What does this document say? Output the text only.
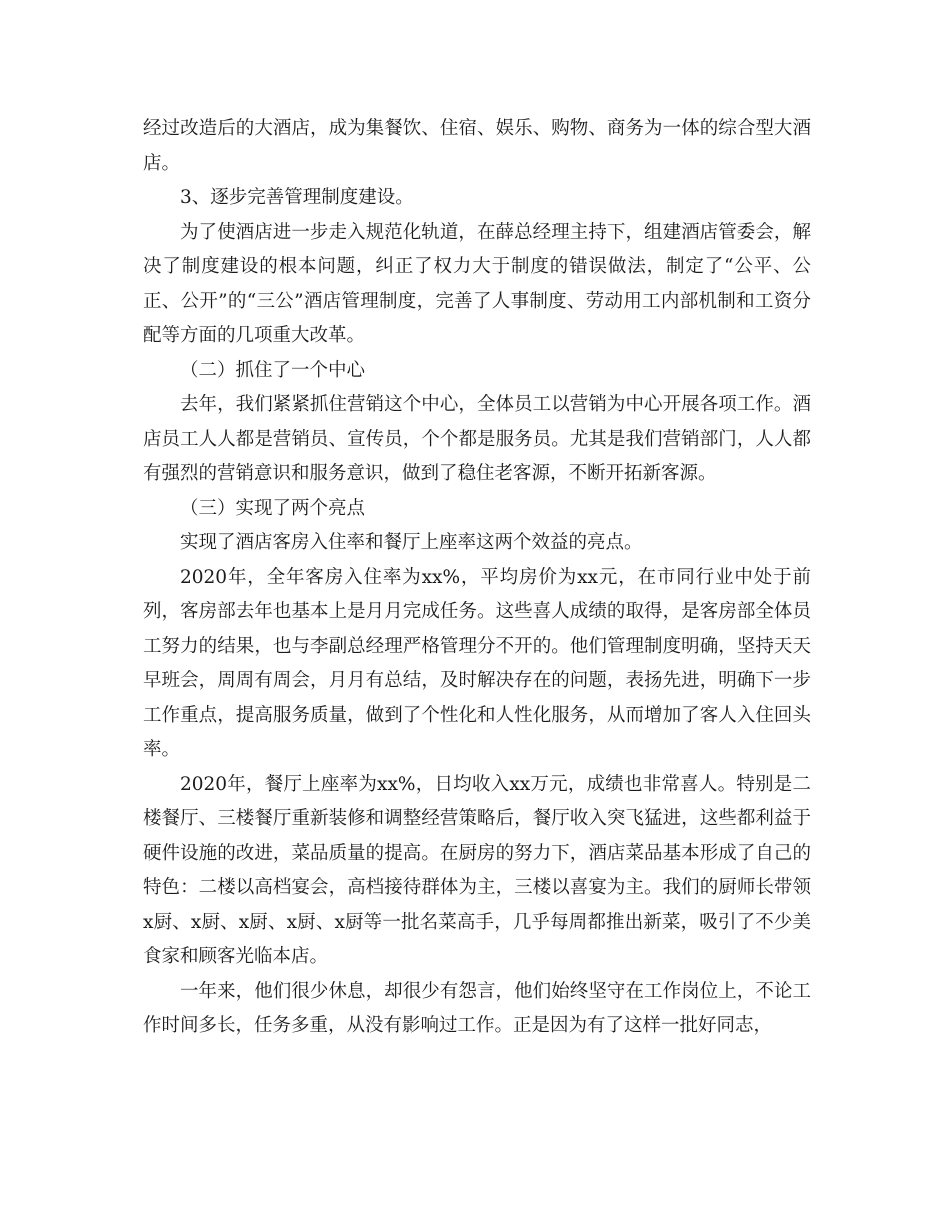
经过改造后的大酒店，成为集餐饮、住宿、娱乐、购物、商务为一体的综合型大酒店。

3、逐步完善管理制度建设。

为了使酒店进一步走入规范化轨道，在薛总经理主持下，组建酒店管委会，解决了制度建设的根本问题，纠正了权力大于制度的错误做法，制定了“公平、公正、公开”的“三公”酒店管理制度，完善了人事制度、劳动用工内部机制和工资分配等方面的几项重大改革。

（二）抓住了一个中心

去年，我们紧紧抓住营销这个中心，全体员工以营销为中心开展各项工作。酒店员工人人都是营销员、宣传员，个个都是服务员。尤其是我们营销部门，人人都有强烈的营销意识和服务意识，做到了稳住老客源，不断开拓新客源。

（三）实现了两个亮点

实现了酒店客房入住率和餐厅上座率这两个效益的亮点。

2020年，全年客房入住率为xx%，平均房价为xx元，在市同行业中处于前列，客房部去年也基本上是月月完成任务。这些喜人成绩的取得，是客房部全体员工努力的结果，也与李副总经理严格管理分不开的。他们管理制度明确，坚持天天早班会，周周有周会，月月有总结，及时解决存在的问题，表扬先进，明确下一步工作重点，提高服务质量，做到了个性化和人性化服务，从而增加了客人入住回头率。

2020年，餐厅上座率为xx%，日均收入xx万元，成绩也非常喜人。特别是二楼餐厅、三楼餐厅重新装修和调整经营策略后，餐厅收入突飞猛进，这些都利益于硬件设施的改进，菜品质量的提高。在厨房的努力下，酒店菜品基本形成了自己的特色：二楼以高档宴会，高档接待群体为主，三楼以喜宴为主。我们的厨师长带领x厨、x厨、x厨、x厨、x厨等一批名菜高手，几乎每周都推出新菜，吸引了不少美食家和顾客光临本店。

一年来，他们很少休息，却很少有怨言，他们始终坚守在工作岗位上，不论工作时间多长，任务多重，从没有影响过工作。正是因为有了这样一批好同志，
